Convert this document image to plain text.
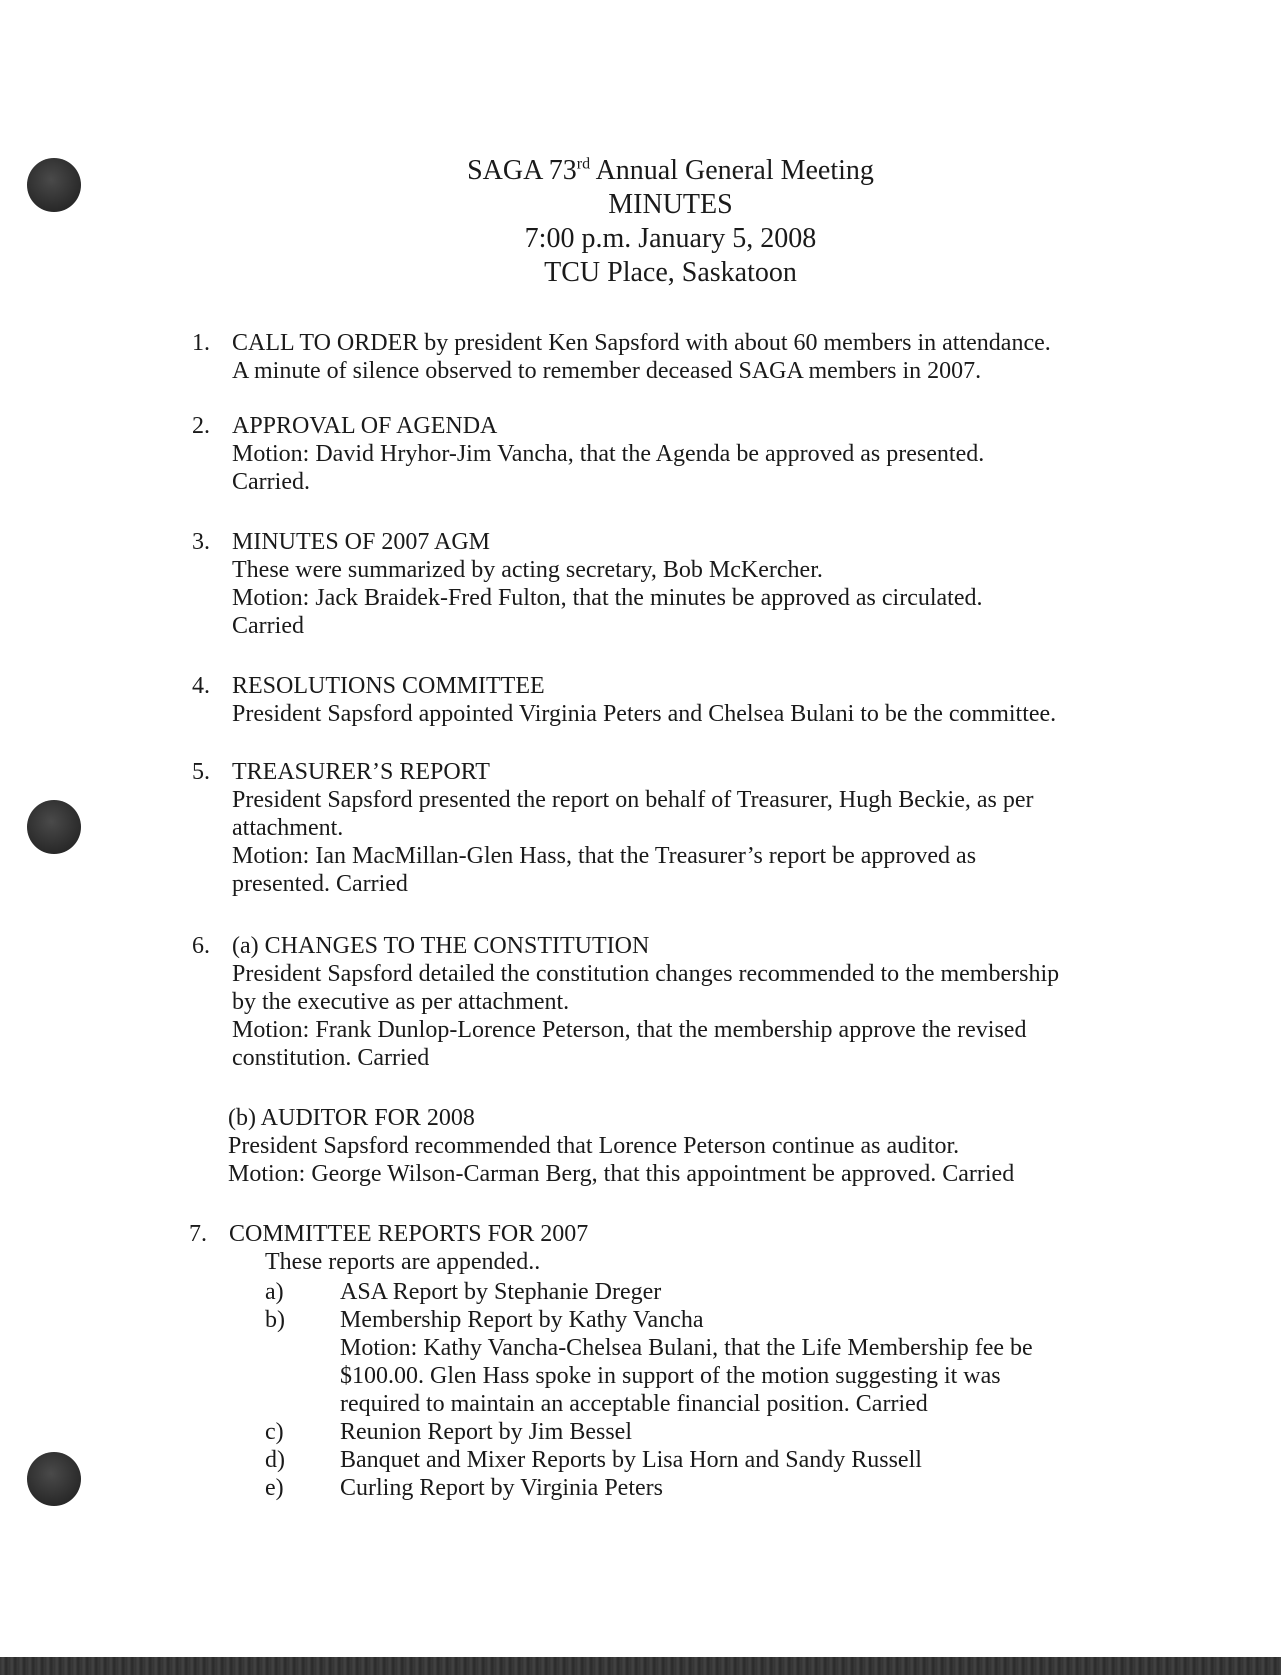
SAGA 73rd Annual General Meeting
MINUTES
7:00 p.m. January 5, 2008
TCU Place, Saskatoon
1. CALL TO ORDER by president Ken Sapsford with about 60 members in attendance.
A minute of silence observed to remember deceased SAGA members in 2007.
2. APPROVAL OF AGENDA
Motion: David Hryhor-Jim Vancha, that the Agenda be approved as presented.
Carried.
3. MINUTES OF 2007 AGM
These were summarized by acting secretary, Bob McKercher.
Motion: Jack Braidek-Fred Fulton, that the minutes be approved as circulated.
Carried
4. RESOLUTIONS COMMITTEE
President Sapsford appointed Virginia Peters and Chelsea Bulani to be the committee.
5. TREASURER’S REPORT
President Sapsford presented the report on behalf of Treasurer, Hugh Beckie, as per
attachment.
Motion: Ian MacMillan-Glen Hass, that the Treasurer’s report be approved as
presented. Carried
6. (a) CHANGES TO THE CONSTITUTION
President Sapsford detailed the constitution changes recommended to the membership
by the executive as per attachment.
Motion: Frank Dunlop-Lorence Peterson, that the membership approve the revised
constitution. Carried
(b) AUDITOR FOR 2008
President Sapsford recommended that Lorence Peterson continue as auditor.
Motion: George Wilson-Carman Berg, that this appointment be approved. Carried
7. COMMITTEE REPORTS FOR 2007
These reports are appended..
a)	ASA Report by Stephanie Dreger
b)	Membership Report by Kathy Vancha
Motion: Kathy Vancha-Chelsea Bulani, that the Life Membership fee be
$100.00. Glen Hass spoke in support of the motion suggesting it was
required to maintain an acceptable financial position. Carried
c)	Reunion Report by Jim Bessel
d)	Banquet and Mixer Reports by Lisa Horn and Sandy Russell
e)	Curling Report by Virginia Peters
